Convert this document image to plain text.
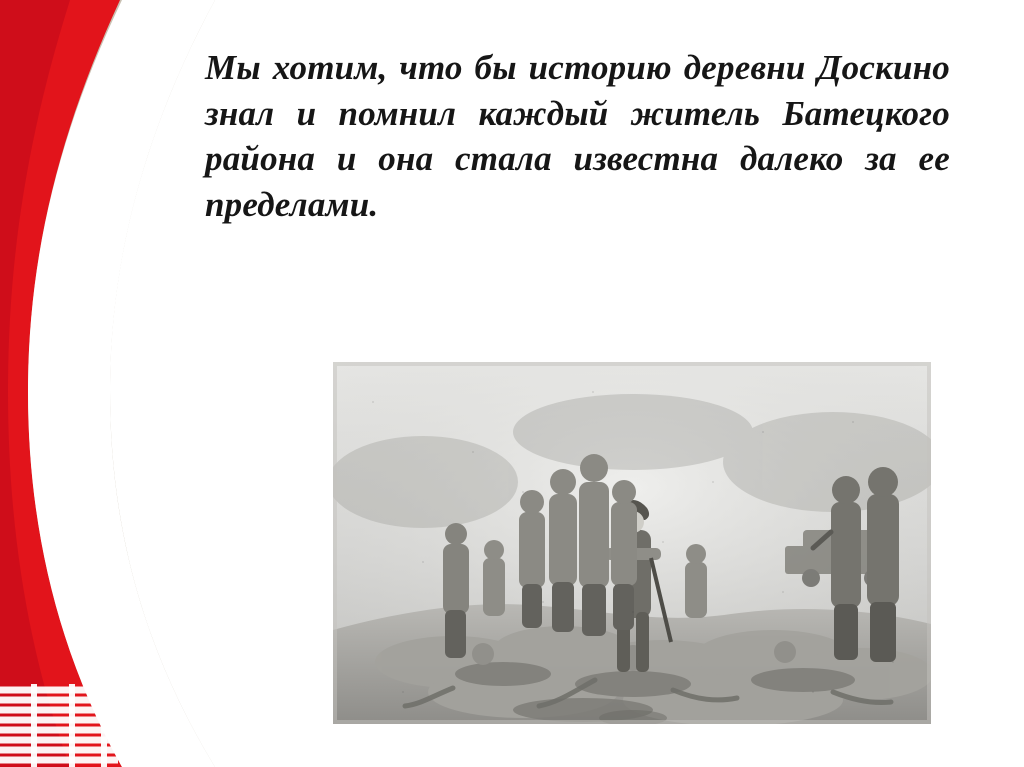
Мы хотим, что бы историю деревни Доскино знал и помнил каждый житель Батецкого района и она стала известна далеко за ее пределами.
